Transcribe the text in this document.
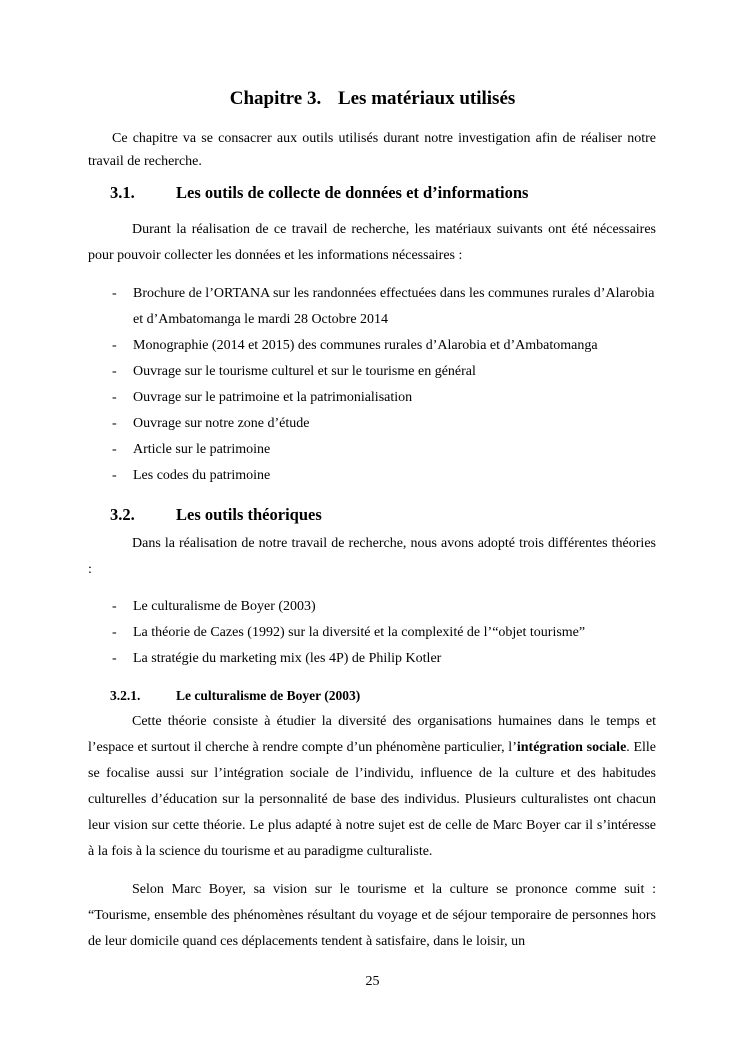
Chapitre 3. Les matériaux utilisés
Ce chapitre va se consacrer aux outils utilisés durant notre investigation afin de réaliser notre travail de recherche.
3.1.	Les outils de collecte de données et d’informations
Durant la réalisation de ce travail de recherche, les matériaux suivants ont été nécessaires pour pouvoir collecter les données et les informations nécessaires :
- Brochure de l’ORTANA sur les randonnées effectuées dans les communes rurales d’Alarobia et d’Ambatomanga le mardi 28 Octobre 2014
- Monographie (2014 et 2015) des communes rurales d’Alarobia et d’Ambatomanga
- Ouvrage sur le tourisme culturel et sur le tourisme en général
- Ouvrage sur le patrimoine et la patrimonialisation
- Ouvrage sur notre zone d’étude
- Article sur le patrimoine
- Les codes du patrimoine
3.2.	Les outils théoriques
Dans la réalisation de notre travail de recherche, nous avons adopté trois différentes théories :
- Le culturalisme de Boyer (2003)
- La théorie de Cazes (1992) sur la diversité et la complexité de l’“objet tourisme”
- La stratégie du marketing mix (les 4P) de Philip Kotler
3.2.1.	Le culturalisme de Boyer (2003)
Cette théorie consiste à étudier la diversité des organisations humaines dans le temps et l’espace et surtout il cherche à rendre compte d’un phénomène particulier, l’intégration sociale. Elle se focalise aussi sur l’intégration sociale de l’individu, influence de la culture et des habitudes culturelles d’éducation sur la personnalité de base des individus. Plusieurs culturalistes ont chacun leur vision sur cette théorie. Le plus adapté à notre sujet est de celle de Marc Boyer car il s’intéresse à la fois à la science du tourisme et au paradigme culturaliste.
Selon Marc Boyer, sa vision sur le tourisme et la culture se prononce comme suit : “Tourisme, ensemble des phénomènes résultant du voyage et de séjour temporaire de personnes hors de leur domicile quand ces déplacements tendent à satisfaire, dans le loisir, un
25
